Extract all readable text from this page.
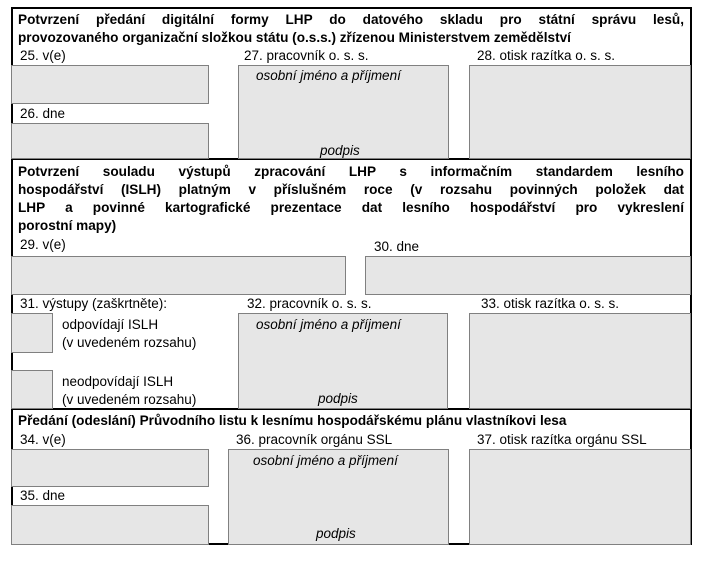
Potvrzení předání digitální formy LHP do datového skladu pro státní správu lesů,
provozovaného organizační složkou státu (o.s.s.) zřízenou Ministerstvem zemědělství
25. v(e)
26. dne
27. pracovník o. s. s.
osobní jméno a příjmení
podpis
28. otisk razítka o. s. s.
Potvrzení souladu výstupů zpracování LHP s informačním standardem lesního
hospodářství (ISLH) platným v příslušném roce (v rozsahu povinných položek dat
LHP a povinné kartografické prezentace dat lesního hospodářství pro vykreslení
porostní mapy)
29. v(e)	30. dne
31. výstupy (zaškrtněte):
odpovídají ISLH
(v uvedeném rozsahu)
neodpovídají ISLH
(v uvedeném rozsahu)
32. pracovník o. s. s.
osobní jméno a příjmení
podpis
33. otisk razítka o. s. s.
Předání (odeslání) Průvodního listu k lesnímu hospodářskému plánu vlastníkovi lesa
34. v(e)
35. dne
36. pracovník orgánu SSL
osobní jméno a příjmení
podpis
37. otisk razítka orgánu SSL
